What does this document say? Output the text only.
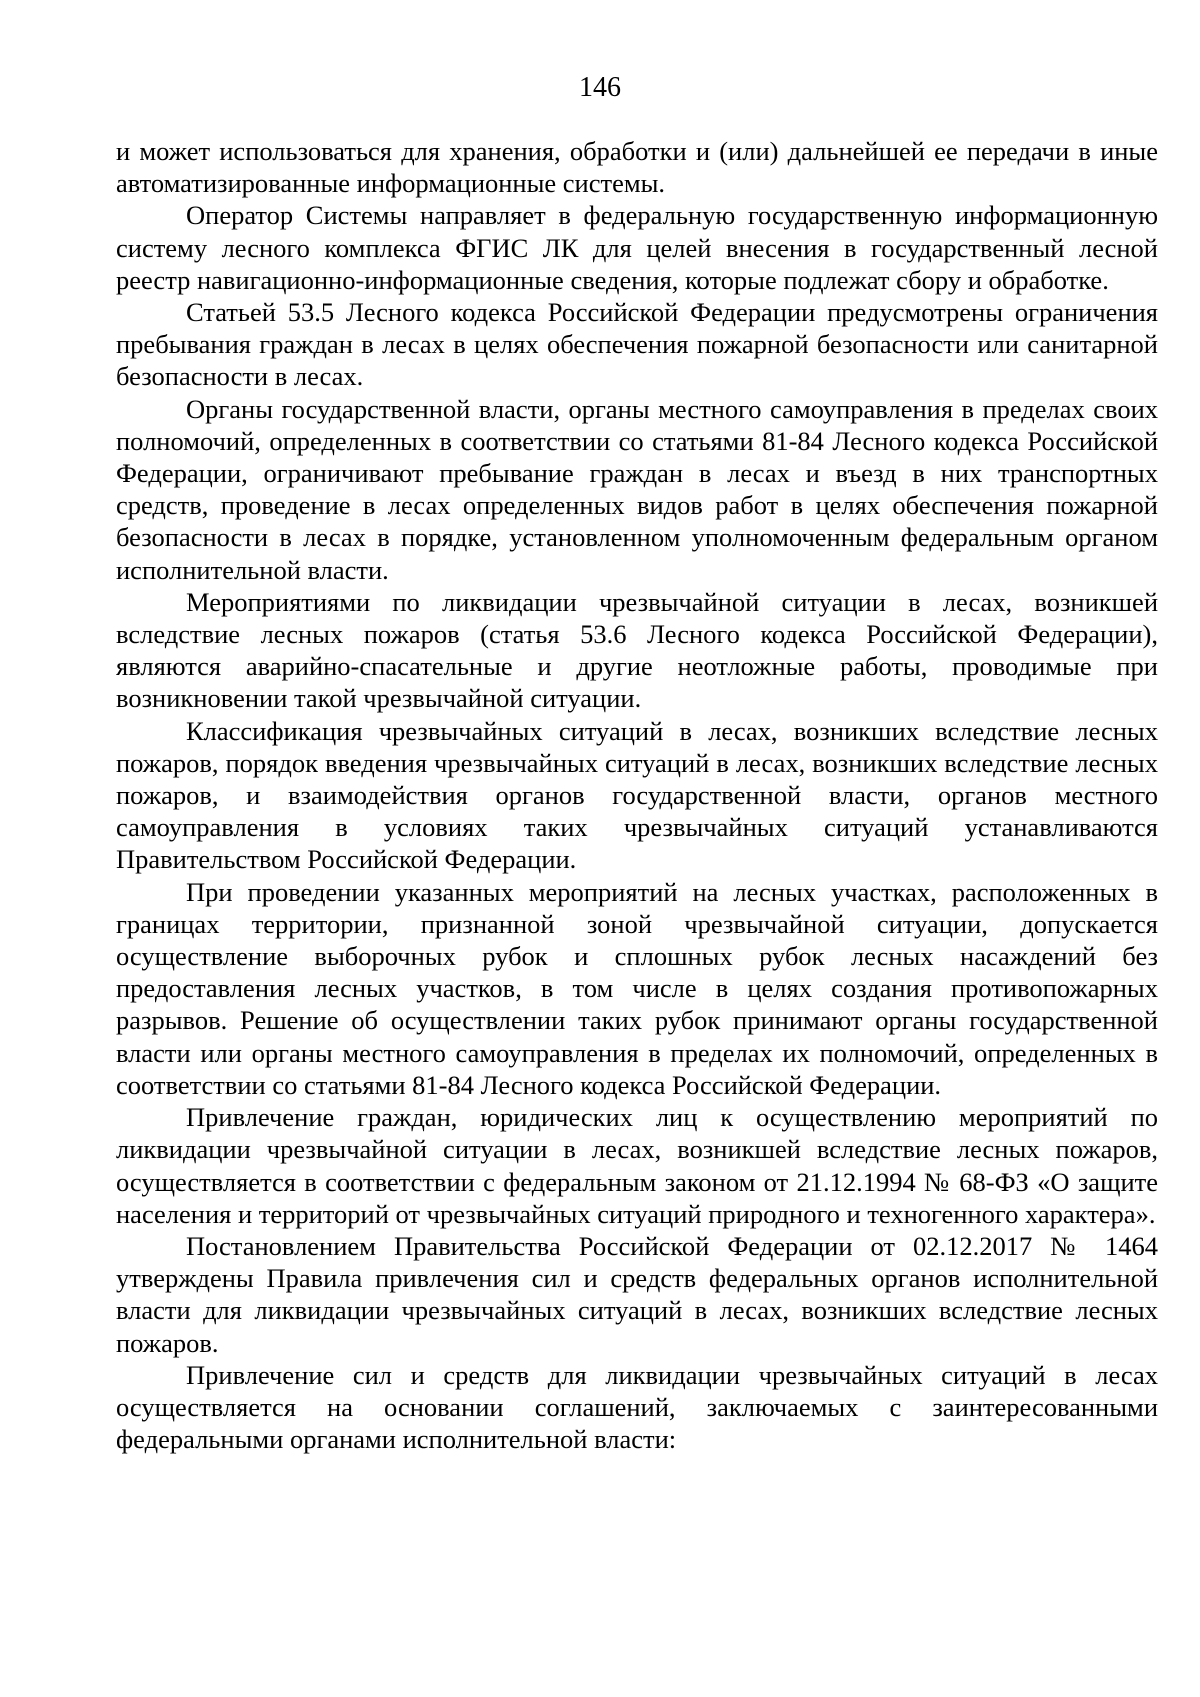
146

и может использоваться для хранения, обработки и (или) дальнейшей ее передачи в иные автоматизированные информационные системы.

Оператор Системы направляет в федеральную государственную информационную систему лесного комплекса ФГИС ЛК для целей внесения в государственный лесной реестр навигационно-информационные сведения, которые подлежат сбору и обработке.

Статьей 53.5 Лесного кодекса Российской Федерации предусмотрены ограничения пребывания граждан в лесах в целях обеспечения пожарной безопасности или санитарной безопасности в лесах.

Органы государственной власти, органы местного самоуправления в пределах своих полномочий, определенных в соответствии со статьями 81-84 Лесного кодекса Российской Федерации, ограничивают пребывание граждан в лесах и въезд в них транспортных средств, проведение в лесах определенных видов работ в целях обеспечения пожарной безопасности в лесах в порядке, установленном уполномоченным федеральным органом исполнительной власти.

Мероприятиями по ликвидации чрезвычайной ситуации в лесах, возникшей вследствие лесных пожаров (статья 53.6 Лесного кодекса Российской Федерации), являются аварийно-спасательные и другие неотложные работы, проводимые при возникновении такой чрезвычайной ситуации.

Классификация чрезвычайных ситуаций в лесах, возникших вследствие лесных пожаров, порядок введения чрезвычайных ситуаций в лесах, возникших вследствие лесных пожаров, и взаимодействия органов государственной власти, органов местного самоуправления в условиях таких чрезвычайных ситуаций устанавливаются Правительством Российской Федерации.

При проведении указанных мероприятий на лесных участках, расположенных в границах территории, признанной зоной чрезвычайной ситуации, допускается осуществление выборочных рубок и сплошных рубок лесных насаждений без предоставления лесных участков, в том числе в целях создания противопожарных разрывов. Решение об осуществлении таких рубок принимают органы государственной власти или органы местного самоуправления в пределах их полномочий, определенных в соответствии со статьями 81-84 Лесного кодекса Российской Федерации.

Привлечение граждан, юридических лиц к осуществлению мероприятий по ликвидации чрезвычайной ситуации в лесах, возникшей вследствие лесных пожаров, осуществляется в соответствии с федеральным законом от 21.12.1994 № 68-ФЗ «О защите населения и территорий от чрезвычайных ситуаций природного и техногенного характера».

Постановлением Правительства Российской Федерации от 02.12.2017 № 1464 утверждены Правила привлечения сил и средств федеральных органов исполнительной власти для ликвидации чрезвычайных ситуаций в лесах, возникших вследствие лесных пожаров.

Привлечение сил и средств для ликвидации чрезвычайных ситуаций в лесах осуществляется на основании соглашений, заключаемых с заинтересованными федеральными органами исполнительной власти:
